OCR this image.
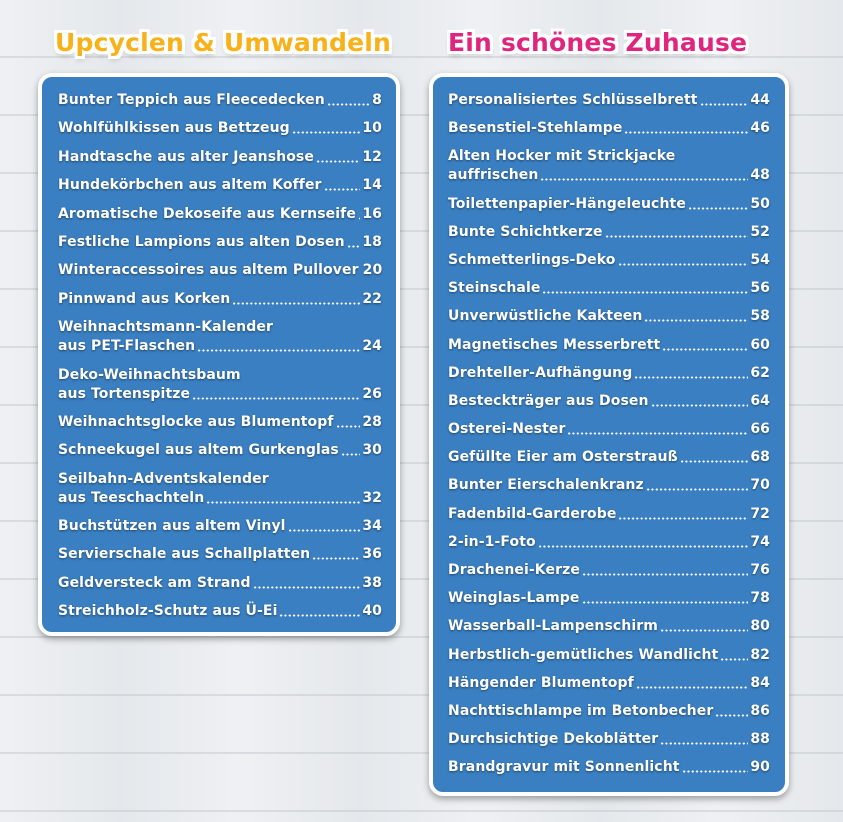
Upcyclen & Umwandeln Ein schönes Zuhause
Bunter Teppich aus Fleecedecken	8
Wohlfühlkissen aus Bettzeug	10
Handtasche aus alter Jeanshose	12
Hundekörbchen aus altem Koffer	14
Aromatische Dekoseife aus Kernseife 16
Festliche Lampions aus alten Dosen 18
Winteraccessoires aus altem Pullover 20
Pinnwand aus Korken	22
Weihnachtsmann-Kalender
aus PET-Flaschen	24
Deko-Weihnachtsbaum
aus Tortenspitze	26
Weihnachtsglocke aus Blumentopf 28
Schneekugel aus altem Gurkenglas 30
Seilbahn-Adventskalender
aus Teeschachteln	32
Buchstützen aus altem Vinyl	34
Servierschale aus Schallplatten	36
Geldversteck am Strand	38
Streichholz-Schutz aus Ü-Ei	40
Personalisiertes Schlüsselbrett	44
Besenstiel-Stehlampe	46
Alten Hocker mit Strickjacke
auffrischen	48
Toilettenpapier-Hängeleuchte	50
Bunte Schichtkerze	52
Schmetterlings-Deko	54
Steinschale	56
Unverwüstliche Kakteen	58
Magnetisches Messerbrett	60
Drehteller-Aufhängung	62
Besteckträger aus Dosen	64
Osterei-Nester	66
Gefüllte Eier am Osterstrauß	68
Bunter Eierschalenkranz	70
Fadenbild-Garderobe	72
2-in-1-Foto	74
Drachenei-Kerze	76
Weinglas-Lampe	78
Wasserball-Lampenschirm	80
Herbstlich-gemütliches Wandlicht 82
Hängender Blumentopf	84
Nachttischlampe im Betonbecher	86
Durchsichtige Dekoblätter	88
Brandgravur mit Sonnenlicht	90
